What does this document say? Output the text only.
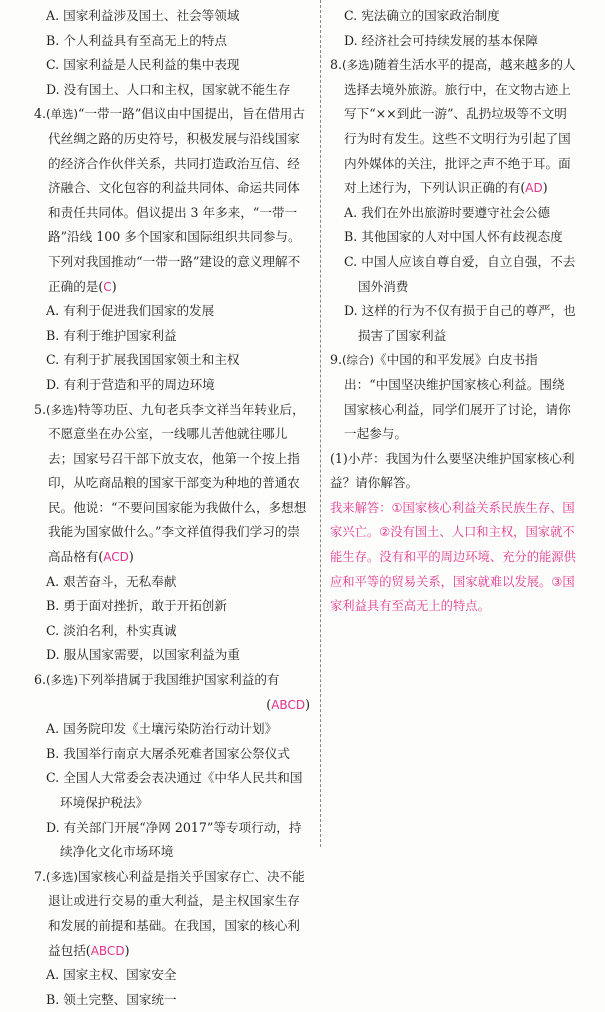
A. 国家利益涉及国土、社会等领域
B. 个人利益具有至高无上的特点
C. 国家利益是人民利益的集中表现
D. 没有国土、人口和主权，国家就不能生存
4.(单选)“一带一路”倡议由中国提出，旨在借用古代丝绸之路的历史符号，积极发展与沿线国家的经济合作伙伴关系，共同打造政治互信、经济融合、文化包容的利益共同体、命运共同体和责任共同体。倡议提出 3 年多来，“一带一路”沿线 100 多个国家和国际组织共同参与。下列对我国推动“一带一路”建设的意义理解不正确的是(C)
A. 有利于促进我们国家的发展
B. 有利于维护国家利益
C. 有利于扩展我国国家领土和主权
D. 有利于营造和平的周边环境
5.(多选)特等功臣、九旬老兵李文祥当年转业后，不愿意坐在办公室，一线哪儿苦他就往哪儿去；国家号召干部下放支农，他第一个按上指印，从吃商品粮的国家干部变为种地的普通农民。他说：“不要问国家能为我做什么，多想想我能为国家做什么。”李文祥值得我们学习的崇高品格有(ACD)
A. 艰苦奋斗，无私奉献
B. 勇于面对挫折，敢于开拓创新
C. 淡泊名利，朴实真诚
D. 服从国家需要，以国家利益为重
6.(多选)下列举措属于我国维护国家利益的有
(ABCD)
A. 国务院印发《土壤污染防治行动计划》
B. 我国举行南京大屠杀死难者国家公祭仪式
C. 全国人大常委会表决通过《中华人民共和国环境保护税法》
D. 有关部门开展“净网 2017”等专项行动，持续净化文化市场环境
7.(多选)国家核心利益是指关乎国家存亡、决不能退让或进行交易的重大利益，是主权国家生存和发展的前提和基础。在我国，国家的核心利益包括(ABCD)
A. 国家主权、国家安全
B. 领土完整、国家统一
C. 宪法确立的国家政治制度
D. 经济社会可持续发展的基本保障
8.(多选)随着生活水平的提高，越来越多的人选择去境外旅游。旅行中，在文物古迹上写下“××到此一游”、乱扔垃圾等不文明行为时有发生。这些不文明行为引起了国内外媒体的关注，批评之声不绝于耳。面对上述行为，下列认识正确的有(AD)
A. 我们在外出旅游时要遵守社会公德
B. 其他国家的人对中国人怀有歧视态度
C. 中国人应该自尊自爱，自立自强，不去国外消费
D. 这样的行为不仅有损于自己的尊严，也损害了国家利益
9.(综合)《中国的和平发展》白皮书指出：“中国坚决维护国家核心利益。围绕国家核心利益，同学们展开了讨论，请你一起参与。
(1)小芹：我国为什么要坚决维护国家核心利益？请你解答。
我来解答：①国家核心利益关系民族生存、国家兴亡。②没有国土、人口和主权，国家就不能生存。没有和平的周边环境、充分的能源供应和平等的贸易关系，国家就难以发展。③国家利益具有至高无上的特点。
